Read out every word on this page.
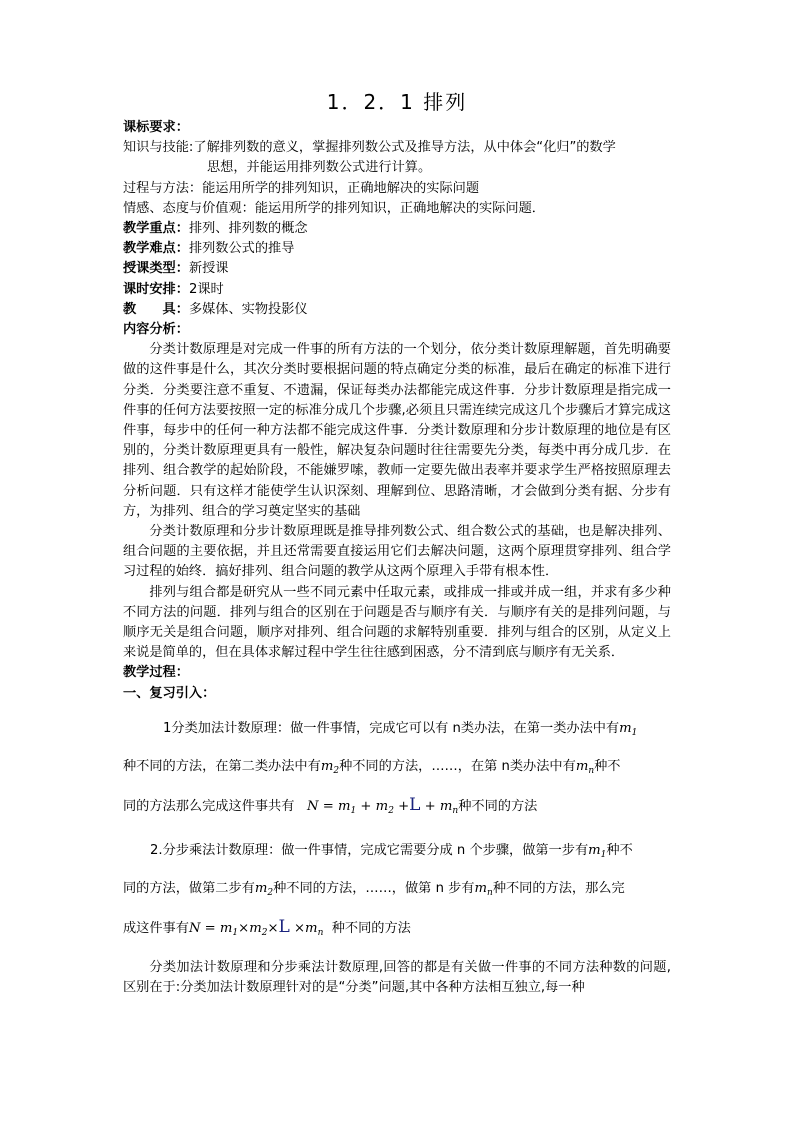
1．2．1 排列
课标要求：
知识与技能:了解排列数的意义，掌握排列数公式及推导方法，从中体会“化归”的数学
思想，并能运用排列数公式进行计算。
过程与方法：能运用所学的排列知识，正确地解决的实际问题
情感、态度与价值观：能运用所学的排列知识，正确地解决的实际问题．
教学重点：排列、排列数的概念
教学难点：排列数公式的推导
授课类型：新授课
课时安排：2课时
教　　具：多媒体、实物投影仪
内容分析：
分类计数原理是对完成一件事的所有方法的一个划分，依分类计数原理解题，首先明确要做的这件事是什么，其次分类时要根据问题的特点确定分类的标准，最后在确定的标准下进行分类．分类要注意不重复、不遗漏，保证每类办法都能完成这件事．分步计数原理是指完成一件事的任何方法要按照一定的标准分成几个步骤,必须且只需连续完成这几个步骤后才算完成这件事，每步中的任何一种方法都不能完成这件事．分类计数原理和分步计数原理的地位是有区别的，分类计数原理更具有一般性，解决复杂问题时往往需要先分类，每类中再分成几步．在排列、组合教学的起始阶段，不能嫌罗嗦，教师一定要先做出表率并要求学生严格按照原理去分析问题．只有这样才能使学生认识深刻、理解到位、思路清晰，才会做到分类有据、分步有方，为排列、组合的学习奠定坚实的基础
分类计数原理和分步计数原理既是推导排列数公式、组合数公式的基础，也是解决排列、组合问题的主要依据，并且还常需要直接运用它们去解决问题，这两个原理贯穿排列、组合学习过程的始终．搞好排列、组合问题的教学从这两个原理入手带有根本性．
排列与组合都是研究从一些不同元素中任取元素，或排成一排或并成一组，并求有多少种不同方法的问题．排列与组合的区别在于问题是否与顺序有关．与顺序有关的是排列问题，与顺序无关是组合问题，顺序对排列、组合问题的求解特别重要．排列与组合的区别，从定义上来说是简单的，但在具体求解过程中学生往往感到困惑，分不清到底与顺序有无关系．
教学过程：
一、复习引入：
1分类加法计数原理：做一件事情，完成它可以有 n类办法，在第一类办法中有$m_1$
种不同的方法，在第二类办法中有$m_2$种不同的方法，……，在第 n类办法中有$m_n$种不
同的方法那么完成这件事共有   $N = m_1 + m_2 +L + m_n$种不同的方法
2.分步乘法计数原理：做一件事情，完成它需要分成 n 个步骤，做第一步有$m_1$种不
同的方法，做第二步有$m_2$种不同的方法，……，做第 n 步有$m_n$种不同的方法，那么完
成这件事有$N = m_1\times m_2\times L \times m_n$ 种不同的方法
分类加法计数原理和分步乘法计数原理,回答的都是有关做一件事的不同方法种数的问题,区别在于:分类加法计数原理针对的是“分类”问题,其中各种方法相互独立,每一种
